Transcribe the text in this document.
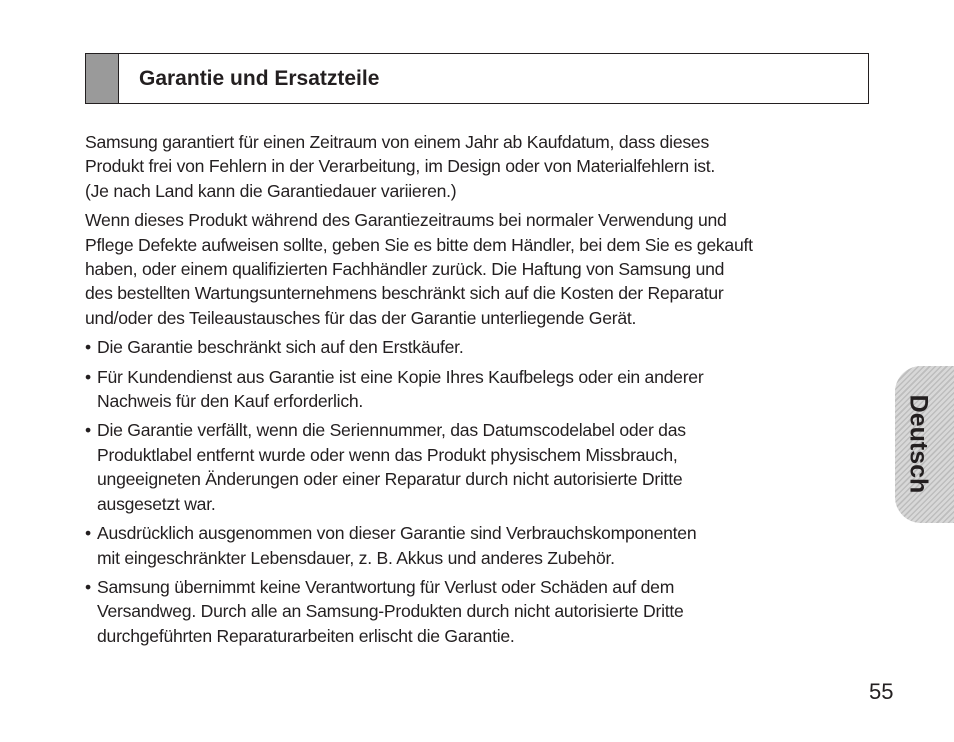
Garantie und Ersatzteile

Samsung garantiert für einen Zeitraum von einem Jahr ab Kaufdatum, dass dieses
Produkt frei von Fehlern in der Verarbeitung, im Design oder von Materialfehlern ist.
(Je nach Land kann die Garantiedauer variieren.)

Wenn dieses Produkt während des Garantiezeitraums bei normaler Verwendung und
Pflege Defekte aufweisen sollte, geben Sie es bitte dem Händler, bei dem Sie es gekauft
haben, oder einem qualifizierten Fachhändler zurück. Die Haftung von Samsung und
des bestellten Wartungsunternehmens beschränkt sich auf die Kosten der Reparatur
und/oder des Teileaustausches für das der Garantie unterliegende Gerät.

• Die Garantie beschränkt sich auf den Erstkäufer.
• Für Kundendienst aus Garantie ist eine Kopie Ihres Kaufbelegs oder ein anderer
Nachweis für den Kauf erforderlich.
• Die Garantie verfällt, wenn die Seriennummer, das Datumscodelabel oder das
Produktlabel entfernt wurde oder wenn das Produkt physischem Missbrauch,
ungeeigneten Änderungen oder einer Reparatur durch nicht autorisierte Dritte
ausgesetzt war.
• Ausdrücklich ausgenommen von dieser Garantie sind Verbrauchskomponenten
mit eingeschränkter Lebensdauer, z. B. Akkus und anderes Zubehör.
• Samsung übernimmt keine Verantwortung für Verlust oder Schäden auf dem
Versandweg. Durch alle an Samsung-Produkten durch nicht autorisierte Dritte
durchgeführten Reparaturarbeiten erlischt die Garantie.
Deutsch
55
